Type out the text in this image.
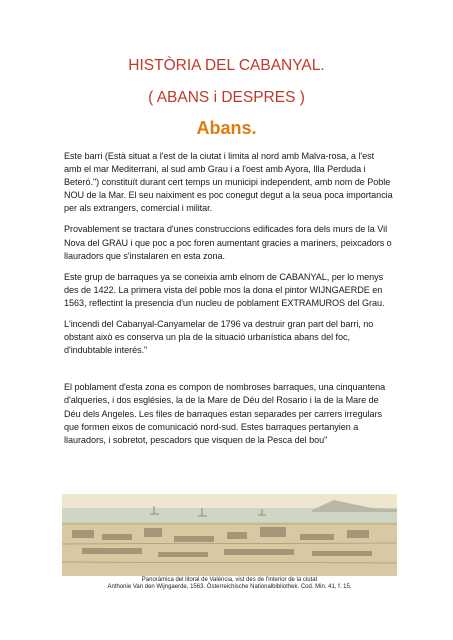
HISTÒRIA DEL CABANYAL.
( ABANS i DESPRES )
Abans.

Este barri (Està situat a l'est de la ciutat i limita al nord amb Malva-rosa, a l'est amb el mar Mediterrani, al sud amb Grau i a l'oest amb Ayora, Illa Perduda i Beteró.") constituït durant cert temps un municipi independent, amb nom de Poble NOU de la Mar. El seu naiximent es poc conegut degut a la seua poca importancia per als extrangers, comercial i militar.

Provablement se tractara d'unes construccions edificades fora dels murs de la Vil Nova del GRAU i que poc a poc foren aumentant gracies a mariners, peixcadors o llauradors que s'instalaren en esta zona.

Este grup de barraques ya se coneixia amb elnom de CABANYAL, per lo menys des de 1422. La primera vista del poble mos la dona el pintor WIJNGAERDE en 1563, reflectint la presencia d'un nucleu de poblament EXTRAMUROS del Grau.

L'incendi del Cabanyal-Canyamelar de 1796 va destruir gran part del barri, no obstant això es conserva un pla de la situació urbanística abans del foc, d'indubtable interés."

El poblament d'esta zona es compon de nombroses barraques, una cinquantena d'alqueries, i dos esglésies, la de la Mare de Déu del Rosario i la de la Mare de Déu dels Angeles. Les files de barraques estan separades per carrers irregulars que formen eixos de comunicació nord-sud. Estes barraques pertanyien a llauradors, i sobretot, pescadors que visquen de la Pesca del bou"

Panoràmica del litoral de València, vist des de l'interior de la ciutat
Anthonie Van den Wijngaerde, 1563. Österreichische Nationalbibliothek. Cod. Min. 41, f. 15.
